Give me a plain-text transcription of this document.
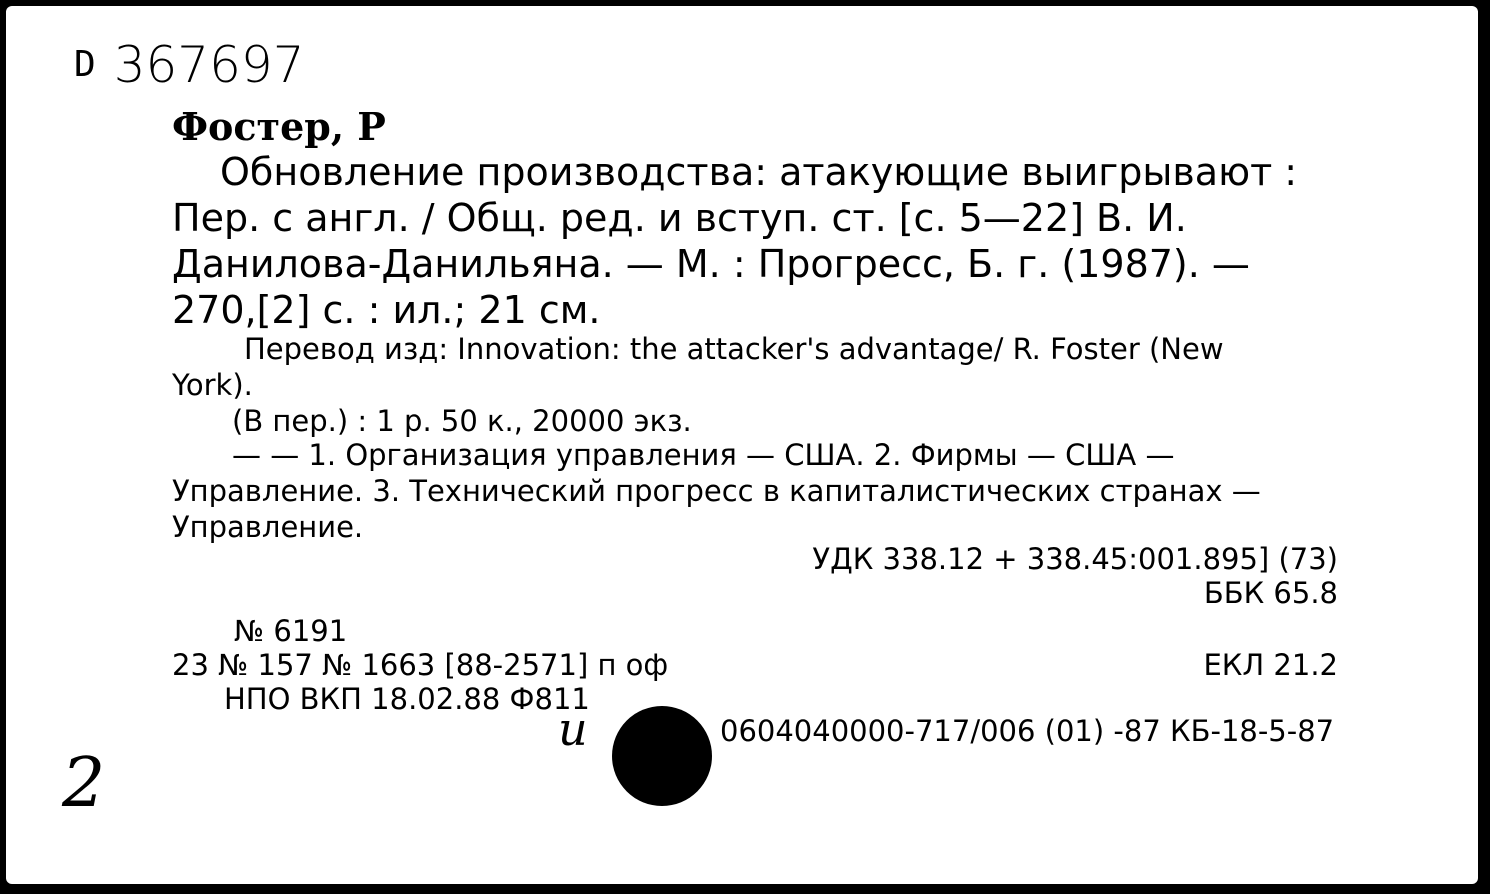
D 367697
Фостер, Р
Обновление производства: атакующие выигрывают :
Пер. с англ. / Общ. ред. и вступ. ст. [с. 5—22] В. И.
Данилова-Данильяна. — М. : Прогресс, Б. г. (1987). —
270,[2] с. : ил.; 21 см.
Перевод изд: Innovation: the attacker's advantage/ R. Foster (New
York).
(В пер.) : 1 р. 50 к., 20000 экз.
— — 1. Организация управления — США. 2. Фирмы — США —
Управление. 3. Технический прогресс в капиталистических странах —
Управление.
УДК 338.12 + 338.45:001.895] (73)
ББК 65.8
№ 6191
23 № 157 № 1663 [88-2571] п оф	ЕКЛ 21.2
НПО ВКП 18.02.88 Ф811
и	0604040000-717/006 (01) -87 КБ-18-5-87
2
